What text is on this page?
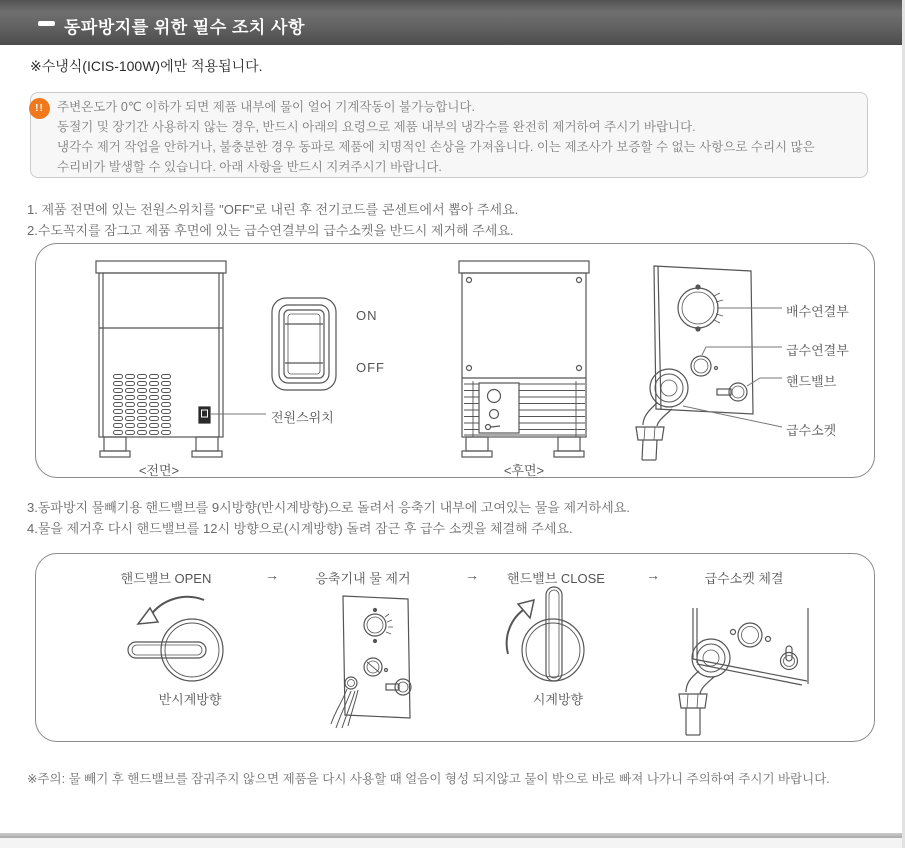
동파방지를 위한 필수 조치 사항
※수냉식(ICIS-100W)에만 적용됩니다.
!!	주변온도가 0℃ 이하가 되면 제품 내부에 물이 얼어 기계작동이 불가능합니다.

동절기 및 장기간 사용하지 않는 경우, 반드시 아래의 요령으로 제품 내부의 냉각수를 완전히 제거하여 주시기 바랍니다.

냉각수 제거 작업을 안하거나, 불충분한 경우 동파로 제품에 치명적인 손상을 가져옵니다. 이는 제조사가 보증할 수 없는 사항으로 수리시 많은

수리비가 발생할 수 있습니다. 아래 사항을 반드시 지켜주시기 바랍니다.

1. 제품 전면에 있는 전원스위치를 "OFF"로 내린 후 전기코드를 콘센트에서 뽑아 주세요.
2.수도꼭지를 잠그고 제품 후면에 있는 급수연결부의 급수소켓을 반드시 제거해 주세요.
ON
OFF
전원스위치
<전면>	<후면>
배수연결부
급수연결부
핸드밸브
급수소켓
3.동파방지 물빼기용 핸드밸브를 9시방향(반시계방향)으로 돌려서 응축기 내부에 고여있는 물을 제거하세요.
4.물을 제거후 다시 핸드밸브를 12시 방향으로(시계방향) 돌려 잠근 후 급수 소켓을 체결해 주세요.
핸드밸브 OPEN	→	응축기내 물 제거	→	핸드밸브 CLOSE	→	급수소켓 체결
반시계방향	시계방향
※주의: 물 빼기 후 핸드밸브를 잠궈주지 않으면 제품을 다시 사용할 때 얼음이 형성 되지않고 물이 밖으로 바로 빠져 나가니 주의하여 주시기 바랍니다.
